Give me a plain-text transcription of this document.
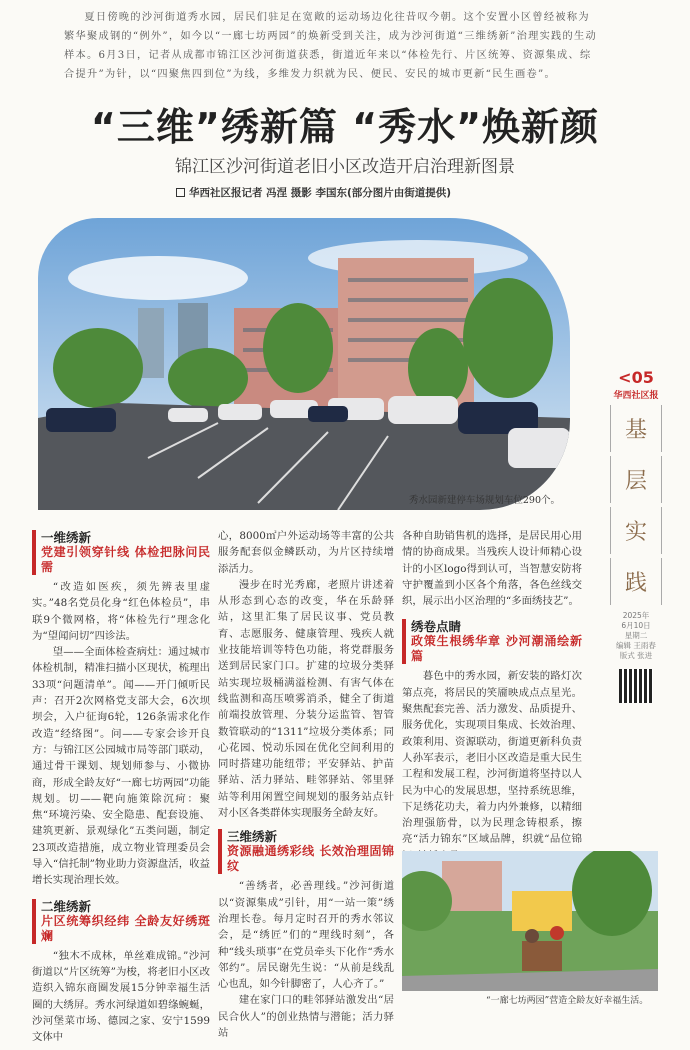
夏日傍晚的沙河街道秀水园，居民们驻足在宽敞的运动场边化往昔叹今朝。这个安置小区曾经被称为繁华聚成钢的“例外”，如今以“一廊七坊两园”的焕新受到关注，成为沙河街道“三维绣新”治理实践的生动样本。6月3日，记者从成都市锦江区沙河街道获悉，街道近年来以“体检先行、片区统筹、资源集成、综合提升”为针，以“四聚焦四到位”为线，多维发力织就为民、便民、安民的城市更新“民生画卷”。
“三维”绣新篇 “秀水”焕新颜
锦江区沙河街道老旧小区改造开启治理新图景
华西社区报记者 冯涅 摄影 李国东(部分图片由街道提供)
秀水园新建停车场规划车位290个。
<05
华西社区报
基
层
实
践
2025年
6月10日
星期二
编辑 王雨春
版式 张进
一维绣新
党建引领穿针线 体检把脉问民需

“改造如医疾，须先辨表里虚实。”48名党员化身“红色体检员”，串联9个微网格，将“体检先行”理念化为“望闻问切”四诊法。

望——全面体检查病灶：通过城市体检机制，精准扫描小区现状，梳理出33项“问题清单”。闻——开门倾听民声：召开2次网格党支部大会，6次坝坝会，入户征询6轮，126条需求化作改造“经络图”。问——专家会诊开良方：与锦江区公园城市局等部门联动，通过骨干课划、规划师参与、小微协商，形成全龄友好“一廊七坊两园”功能规划。切——靶向施策除沉疴：聚焦“环境污染、安全隐患、配套设施、建筑更新、景观绿化”五类问题，制定23项改造措施，成立物业管理委员会导入“信托制”物业助力资源盘活，收益增长实现治理长效。

二维绣新
片区统筹织经纬 全龄友好绣斑斓

“独木不成林，单丝难成锦。”沙河街道以“片区统筹”为梭，将老旧小区改造织入锦东商圈发展15分钟幸福生活圈的大绣屏。秀水河绿道如碧绦蜿蜒，沙河堡菜市场、德园之家、安宁1599文体中

心，8000㎡户外运动场等丰富的公共服务配套似金鳞跃动，为片区持续增添活力。

漫步在时光秀廊，老照片讲述着从形态到心态的改变，华在乐龄驿站，这里汇集了居民议事、党员教育、志愿服务、健康管理、残疾人就业技能培训等特色功能，将党群服务送到居民家门口。扩建的垃圾分类驿站实现垃圾桶满溢检测、有害气体在线监测和高压喷雾消杀，健全了街道前端投放管理、分装分运监管、智管数管联动的“1311”垃圾分类体系；同心花园、悦动乐园在优化空间利用的同时搭建功能纽带；平安驿站、护苗驿站、活力驿站、畦邻驿站、邻里驿站等利用闲置空间规划的服务站点针对小区各类群体实现服务全龄友好。

三维绣新
资源融通绣彩线 长效治理固锦纹

“善绣者，必善理线。”沙河街道以“资源集成”引针，用“一站一策”绣治理长卷。每月定时召开的秀水邻议会，是“绣匠”们的“理线时刻”，各种“线头琐事”在党员牵头下化作“秀水邻约”。居民谢先生说：“从前是线乱心也乱，如今针脚密了，人心齐了。”

建在家门口的畦邻驿站激发出“居民合伙人”的创业热情与潜能；活力驿站

各种自助销售机的选择，是居民用心用情的协商成果。当残疾人设计师精心设计的小区logo得到认可，当智慧安防将守护覆盖到小区各个角落，各色丝线交织，展示出小区治理的“多面绣技艺”。

绣卷点睛
政策生根绣华章 沙河潮涌绘新篇

暮色中的秀水园，新安装的路灯次第点亮，将居民的笑靥映成点点星光。聚焦配套完善、活力激发、品质提升、服务优化，实现项目集成、长效治理、政策利用、资源联动，街道更新科负责人孙军表示，老旧小区改造是重大民生工程和发展工程，沙河街道将坚持以人民为中心的发展思想，坚持系统思维，下足绣花功夫，着力内外兼修，以精细治理强筋骨，以为民理念铸根系，擦亮“活力锦东”区域品牌，织就“品位锦

“一廊七坊两园”营造全龄友好幸福生活。
